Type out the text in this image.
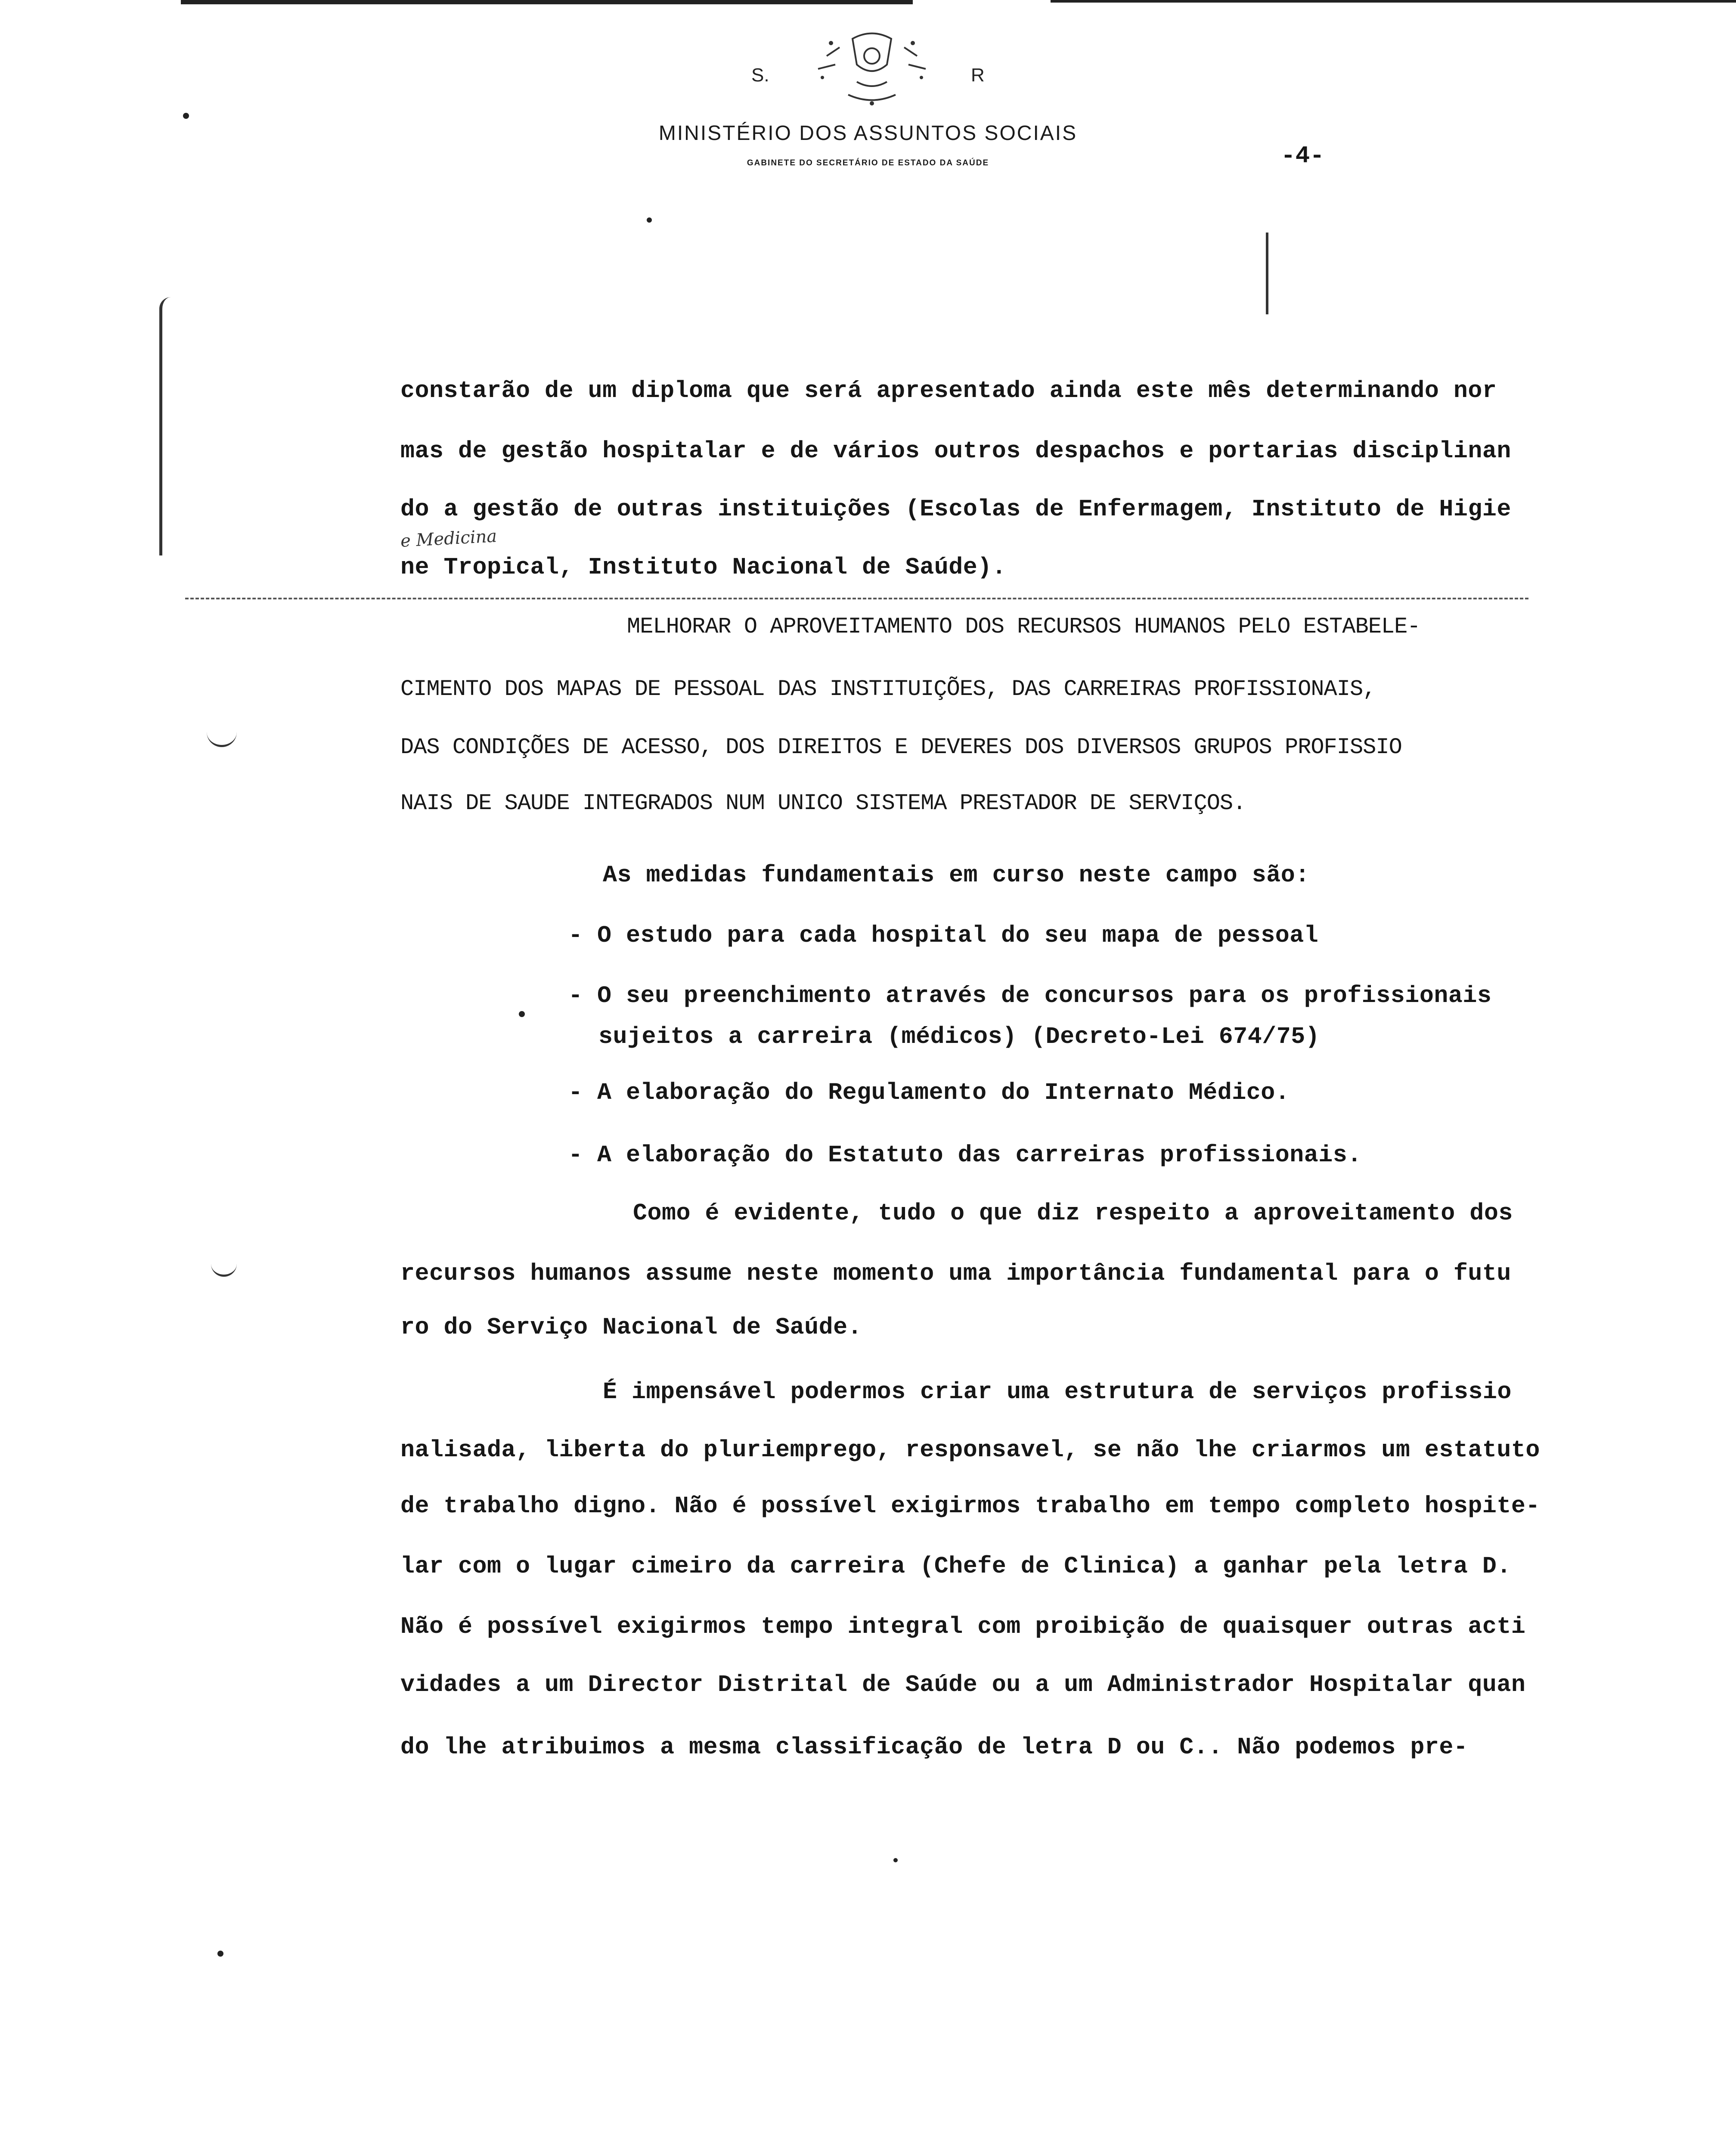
S.	R
MINISTÉRIO DOS ASSUNTOS SOCIAIS
GABINETE DO SECRETÁRIO DE ESTADO DA SAÚDE	-4-
constarão de um diploma que será apresentado ainda este mês determinando nor
mas de gestão hospitalar e de vários outros despachos e portarias disciplinan
do a gestão de outras instituições (Escolas de Enfermagem, Instituto de Higie
e Medicina
ne Tropical, Instituto Nacional de Saúde).
MELHORAR O APROVEITAMENTO DOS RECURSOS HUMANOS PELO ESTABELE-
CIMENTO DOS MAPAS DE PESSOAL DAS INSTITUIÇÕES, DAS CARREIRAS PROFISSIONAIS,
DAS CONDIÇÕES DE ACESSO, DOS DIREITOS E DEVERES DOS DIVERSOS GRUPOS PROFISSIO
NAIS DE SAUDE INTEGRADOS NUM UNICO SISTEMA PRESTADOR DE SERVIÇOS.
As medidas fundamentais em curso neste campo são:
- O estudo para cada hospital do seu mapa de pessoal
- O seu preenchimento através de concursos para os profissionais
sujeitos a carreira (médicos) (Decreto-Lei 674/75)
- A elaboração do Regulamento do Internato Médico.
- A elaboração do Estatuto das carreiras profissionais.
Como é evidente, tudo o que diz respeito a aproveitamento dos
recursos humanos assume neste momento uma importância fundamental para o futu
ro do Serviço Nacional de Saúde.
É impensável podermos criar uma estrutura de serviços profissio
nalisada, liberta do pluriemprego, responsavel, se não lhe criarmos um estatuto
de trabalho digno. Não é possível exigirmos trabalho em tempo completo hospite-
lar com o lugar cimeiro da carreira (Chefe de Clinica) a ganhar pela letra D.
Não é possível exigirmos tempo integral com proibição de quaisquer outras acti
vidades a um Director Distrital de Saúde ou a um Administrador Hospitalar quan
do lhe atribuimos a mesma classificação de letra D ou C.. Não podemos pre-
